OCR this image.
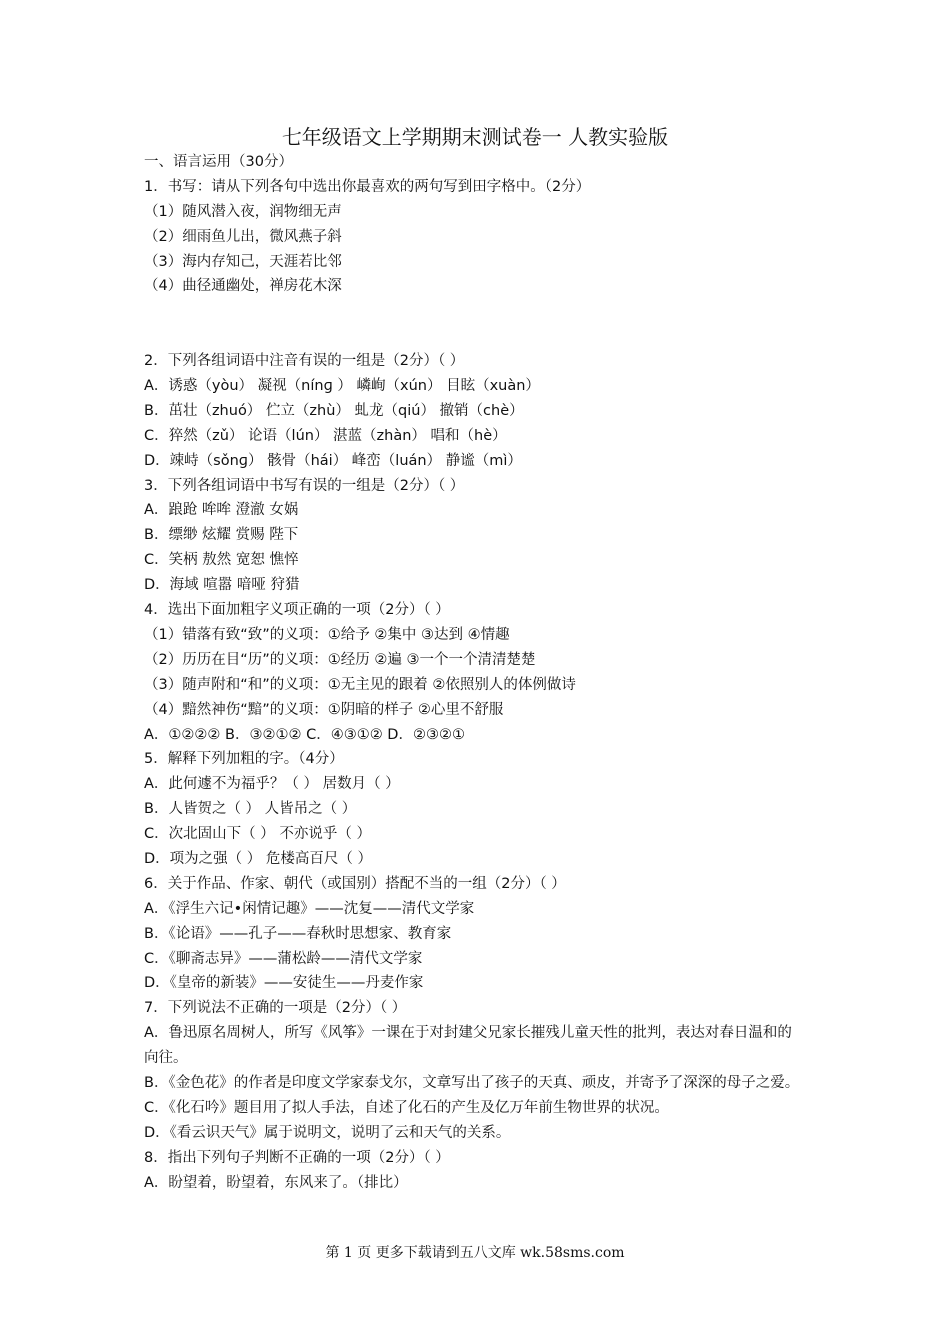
七年级语文上学期期末测试卷一 人教实验版
一、语言运用（30分）
1．书写：请从下列各句中选出你最喜欢的两句写到田字格中。（2分）
（1）随风潜入夜，润物细无声
（2）细雨鱼儿出，微风燕子斜
（3）海内存知己，天涯若比邻
（4）曲径通幽处，禅房花木深
2．下列各组词语中注音有误的一组是（2分）（ ）
A．诱惑（yòu） 凝视（nínɡ ） 嶙峋（xún） 目眩（xuàn）
B．茁壮（zhuó） 伫立（zhù） 虬龙（qiú） 撤销（chè）
C．猝然（zǔ） 论语（lún） 湛蓝（zhàn） 唱和（hè）
D．竦峙（sǒnɡ） 骸骨（hái） 峰峦（luán） 静谧（mì）
3．下列各组词语中书写有误的一组是（2分）（ ）
A．踉跄 哞哞 澄澈 女娲
B．缥缈 炫耀 赏赐 陛下
C．笑柄 敖然 宽恕 憔悴
D．海域 喧嚣 喑哑 狩猎
4．选出下面加粗字义项正确的一项（2分）（ ）
（1）错落有致“致”的义项：①给予 ②集中 ③达到 ④情趣
（2）历历在目“历”的义项：①经历 ②遍 ③一个一个清清楚楚
（3）随声附和“和”的义项：①无主见的跟着 ②依照别人的体例做诗
（4）黯然神伤“黯”的义项：①阴暗的样子 ②心里不舒服
A．①②②② B．③②①② C．④③①② D．②③②①
5．解释下列加粗的字。（4分）
A．此何遽不为福乎？（ ） 居数月（ ）
B．人皆贺之（ ） 人皆吊之（ ）
C．次北固山下（ ） 不亦说乎（ ）
D．项为之强（ ） 危楼高百尺（ ）
6．关于作品、作家、朝代（或国别）搭配不当的一组（2分）（ ）
A．《浮生六记•闲情记趣》——沈复——清代文学家
B．《论语》——孔子——春秋时思想家、教育家
C．《聊斋志异》——蒲松龄——清代文学家
D．《皇帝的新装》——安徒生——丹麦作家
7．下列说法不正确的一项是（2分）（ ）
A．鲁迅原名周树人，所写《风筝》一课在于对封建父兄家长摧残儿童天性的批判，表达对春日温和的向往。
B．《金色花》的作者是印度文学家泰戈尔，文章写出了孩子的天真、顽皮，并寄予了深深的母子之爱。
C．《化石吟》题目用了拟人手法，自述了化石的产生及亿万年前生物世界的状况。
D．《看云识天气》属于说明文，说明了云和天气的关系。
8．指出下列句子判断不正确的一项（2分）（ ）
A．盼望着，盼望着，东风来了。（排比）
第 1 页 更多下载请到五八文库 wk.58sms.com
